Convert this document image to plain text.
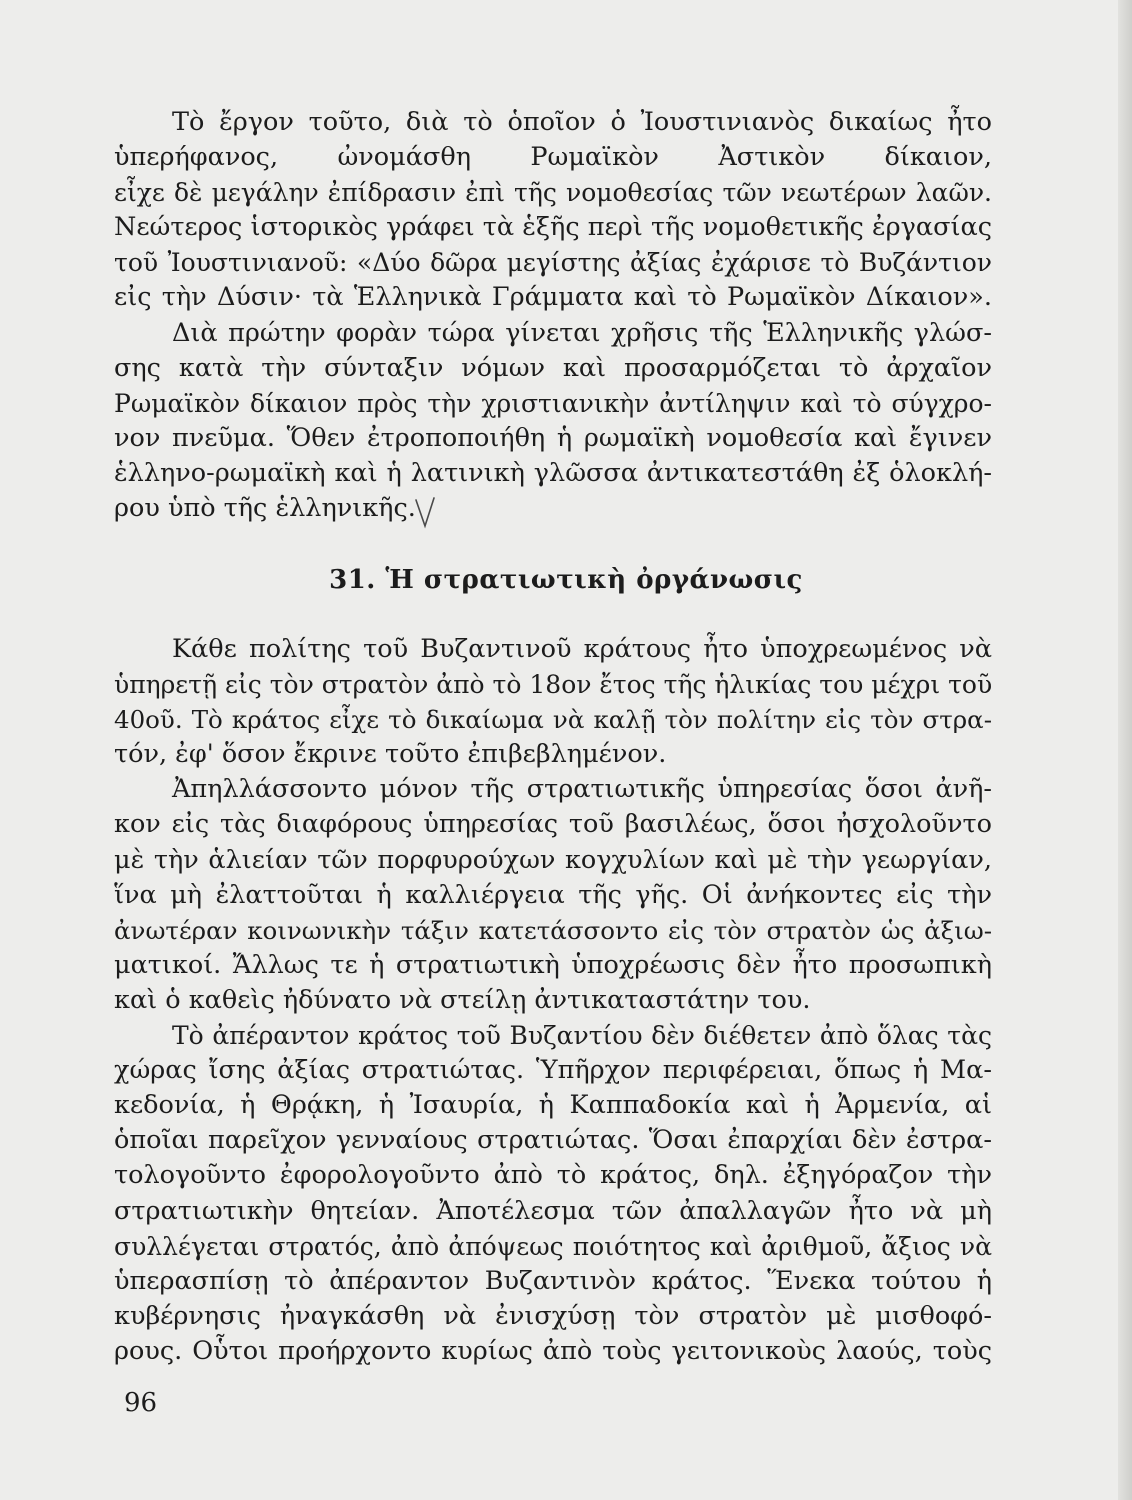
Τὸ ἔργον τοῦτο, διὰ τὸ ὁποῖον ὁ Ἰουστινιανὸς δικαίως ἦτο
ὑπερήφανος, ὠνομάσθη Ρωμαϊκὸν Ἀστικὸν δίκαιον,
εἶχε δὲ μεγάλην ἐπίδρασιν ἐπὶ τῆς νομοθεσίας τῶν νεωτέρων λαῶν.
Νεώτερος ἱστορικὸς γράφει τὰ ἑξῆς περὶ τῆς νομοθετικῆς ἐργασίας
τοῦ Ἰουστινιανοῦ: «Δύο δῶρα μεγίστης ἀξίας ἐχάρισε τὸ Βυζάντιον
εἰς τὴν Δύσιν· τὰ Ἑλληνικὰ Γράμματα καὶ τὸ Ρωμαϊκὸν Δίκαιον».
Διὰ πρώτην φορὰν τώρα γίνεται χρῆσις τῆς Ἑλληνικῆς γλώσ-
σης κατὰ τὴν σύνταξιν νόμων καὶ προσαρμόζεται τὸ ἀρχαῖον
Ρωμαϊκὸν δίκαιον πρὸς τὴν χριστιανικὴν ἀντίληψιν καὶ τὸ σύγχρο-
νον πνεῦμα. Ὅθεν ἐτροποποιήθη ἡ ρωμαϊκὴ νομοθεσία καὶ ἔγινεν
ἑλληνο-ρωμαϊκὴ καὶ ἡ λατινικὴ γλῶσσα ἀντικατεστάθη ἐξ ὁλοκλή-
ρου ὑπὸ τῆς ἑλληνικῆς.
31. Ἡ στρατιωτικὴ ὀργάνωσις
Κάθε πολίτης τοῦ Βυζαντινοῦ κράτους ἦτο ὑποχρεωμένος νὰ
ὑπηρετῇ εἰς τὸν στρατὸν ἀπὸ τὸ 18ον ἔτος τῆς ἡλικίας του μέχρι τοῦ
40οῦ. Τὸ κράτος εἶχε τὸ δικαίωμα νὰ καλῇ τὸν πολίτην εἰς τὸν στρα-
τόν, ἐφ' ὅσον ἔκρινε τοῦτο ἐπιβεβλημένον.
Ἀπηλλάσσοντο μόνον τῆς στρατιωτικῆς ὑπηρεσίας ὅσοι ἀνῆ-
κον εἰς τὰς διαφόρους ὑπηρεσίας τοῦ βασιλέως, ὅσοι ἠσχολοῦντο
μὲ τὴν ἁλιείαν τῶν πορφυρούχων κογχυλίων καὶ μὲ τὴν γεωργίαν,
ἵνα μὴ ἐλαττοῦται ἡ καλλιέργεια τῆς γῆς. Οἱ ἀνήκοντες εἰς τὴν
ἀνωτέραν κοινωνικὴν τάξιν κατετάσσοντο εἰς τὸν στρατὸν ὡς ἀξιω-
ματικοί. Ἄλλως τε ἡ στρατιωτικὴ ὑποχρέωσις δὲν ἦτο προσωπικὴ
καὶ ὁ καθεὶς ἠδύνατο νὰ στείλῃ ἀντικαταστάτην του.
Τὸ ἀπέραντον κράτος τοῦ Βυζαντίου δὲν διέθετεν ἀπὸ ὅλας τὰς
χώρας ἴσης ἀξίας στρατιώτας. Ὑπῆρχον περιφέρειαι, ὅπως ἡ Μα-
κεδονία, ἡ Θρᾴκη, ἡ Ἰσαυρία, ἡ Καππαδοκία καὶ ἡ Ἀρμενία, αἱ
ὁποῖαι παρεῖχον γενναίους στρατιώτας. Ὅσαι ἐπαρχίαι δὲν ἐστρα-
τολογοῦντο ἐφορολογοῦντο ἀπὸ τὸ κράτος, δηλ. ἐξηγόραζον τὴν
στρατιωτικὴν θητείαν. Ἀποτέλεσμα τῶν ἀπαλλαγῶν ἦτο νὰ μὴ
συλλέγεται στρατός, ἀπὸ ἀπόψεως ποιότητος καὶ ἀριθμοῦ, ἄξιος νὰ
ὑπερασπίσῃ τὸ ἀπέραντον Βυζαντινὸν κράτος. Ἕνεκα τούτου ἡ
κυβέρνησις ἠναγκάσθη νὰ ἐνισχύσῃ τὸν στρατὸν μὲ μισθοφό-
ρους. Οὗτοι προήρχοντο κυρίως ἀπὸ τοὺς γειτονικοὺς λαούς, τοὺς
96
